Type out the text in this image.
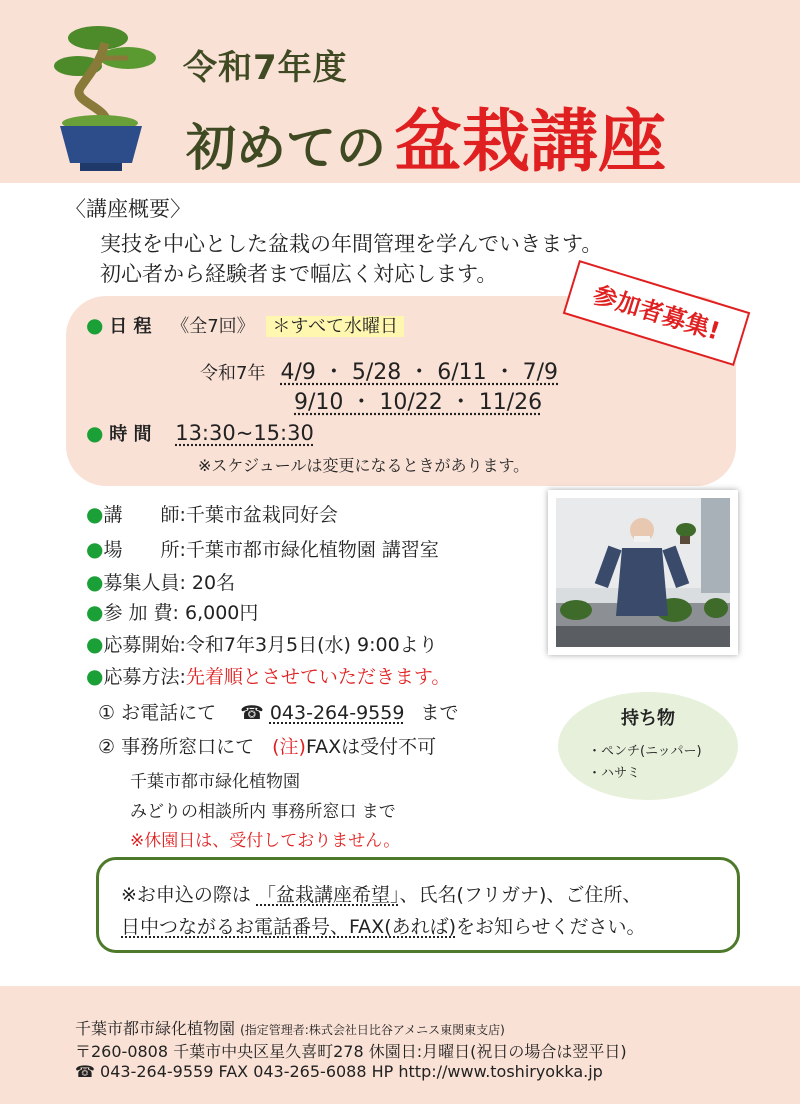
令和7年度
初めての 盆栽講座
〈講座概要〉
実技を中心とした盆栽の年間管理を学んでいきます。
初心者から経験者まで幅広く対応します。
● 日 程 《全7回》 ＊すべて水曜日
令和7年 4/9 ・ 5/28 ・ 6/11 ・ 7/9
9/10 ・ 10/22 ・ 11/26
● 時 間 13:30~15:30
※スケジュールは変更になるときがあります。
参加者募集!
●講　　師:千葉市盆栽同好会
●場　　所:千葉市都市緑化植物園 講習室
●募集人員: 20名
●参 加 費: 6,000円
●応募開始:令和7年3月5日(水) 9:00より
●応募方法:先着順とさせていただきます。
① お電話にて ☎ 043-264-9559 まで
② 事務所窓口にて (注)FAXは受付不可
千葉市都市緑化植物園
みどりの相談所内 事務所窓口 まで
※休園日は、受付しておりません。
持ち物
・ペンチ(ニッパー)
・ハサミ
※お申込の際は 「盆栽講座希望」、氏名(フリガナ)、ご住所、
日中つながるお電話番号、FAX(あれば)をお知らせください。
千葉市都市緑化植物園 (指定管理者:株式会社日比谷アメニス東関東支店)
〒260-0808 千葉市中央区星久喜町278 休園日:月曜日(祝日の場合は翌平日)
☎ 043-264-9559 FAX 043-265-6088 HP http://www.toshiryokka.jp
